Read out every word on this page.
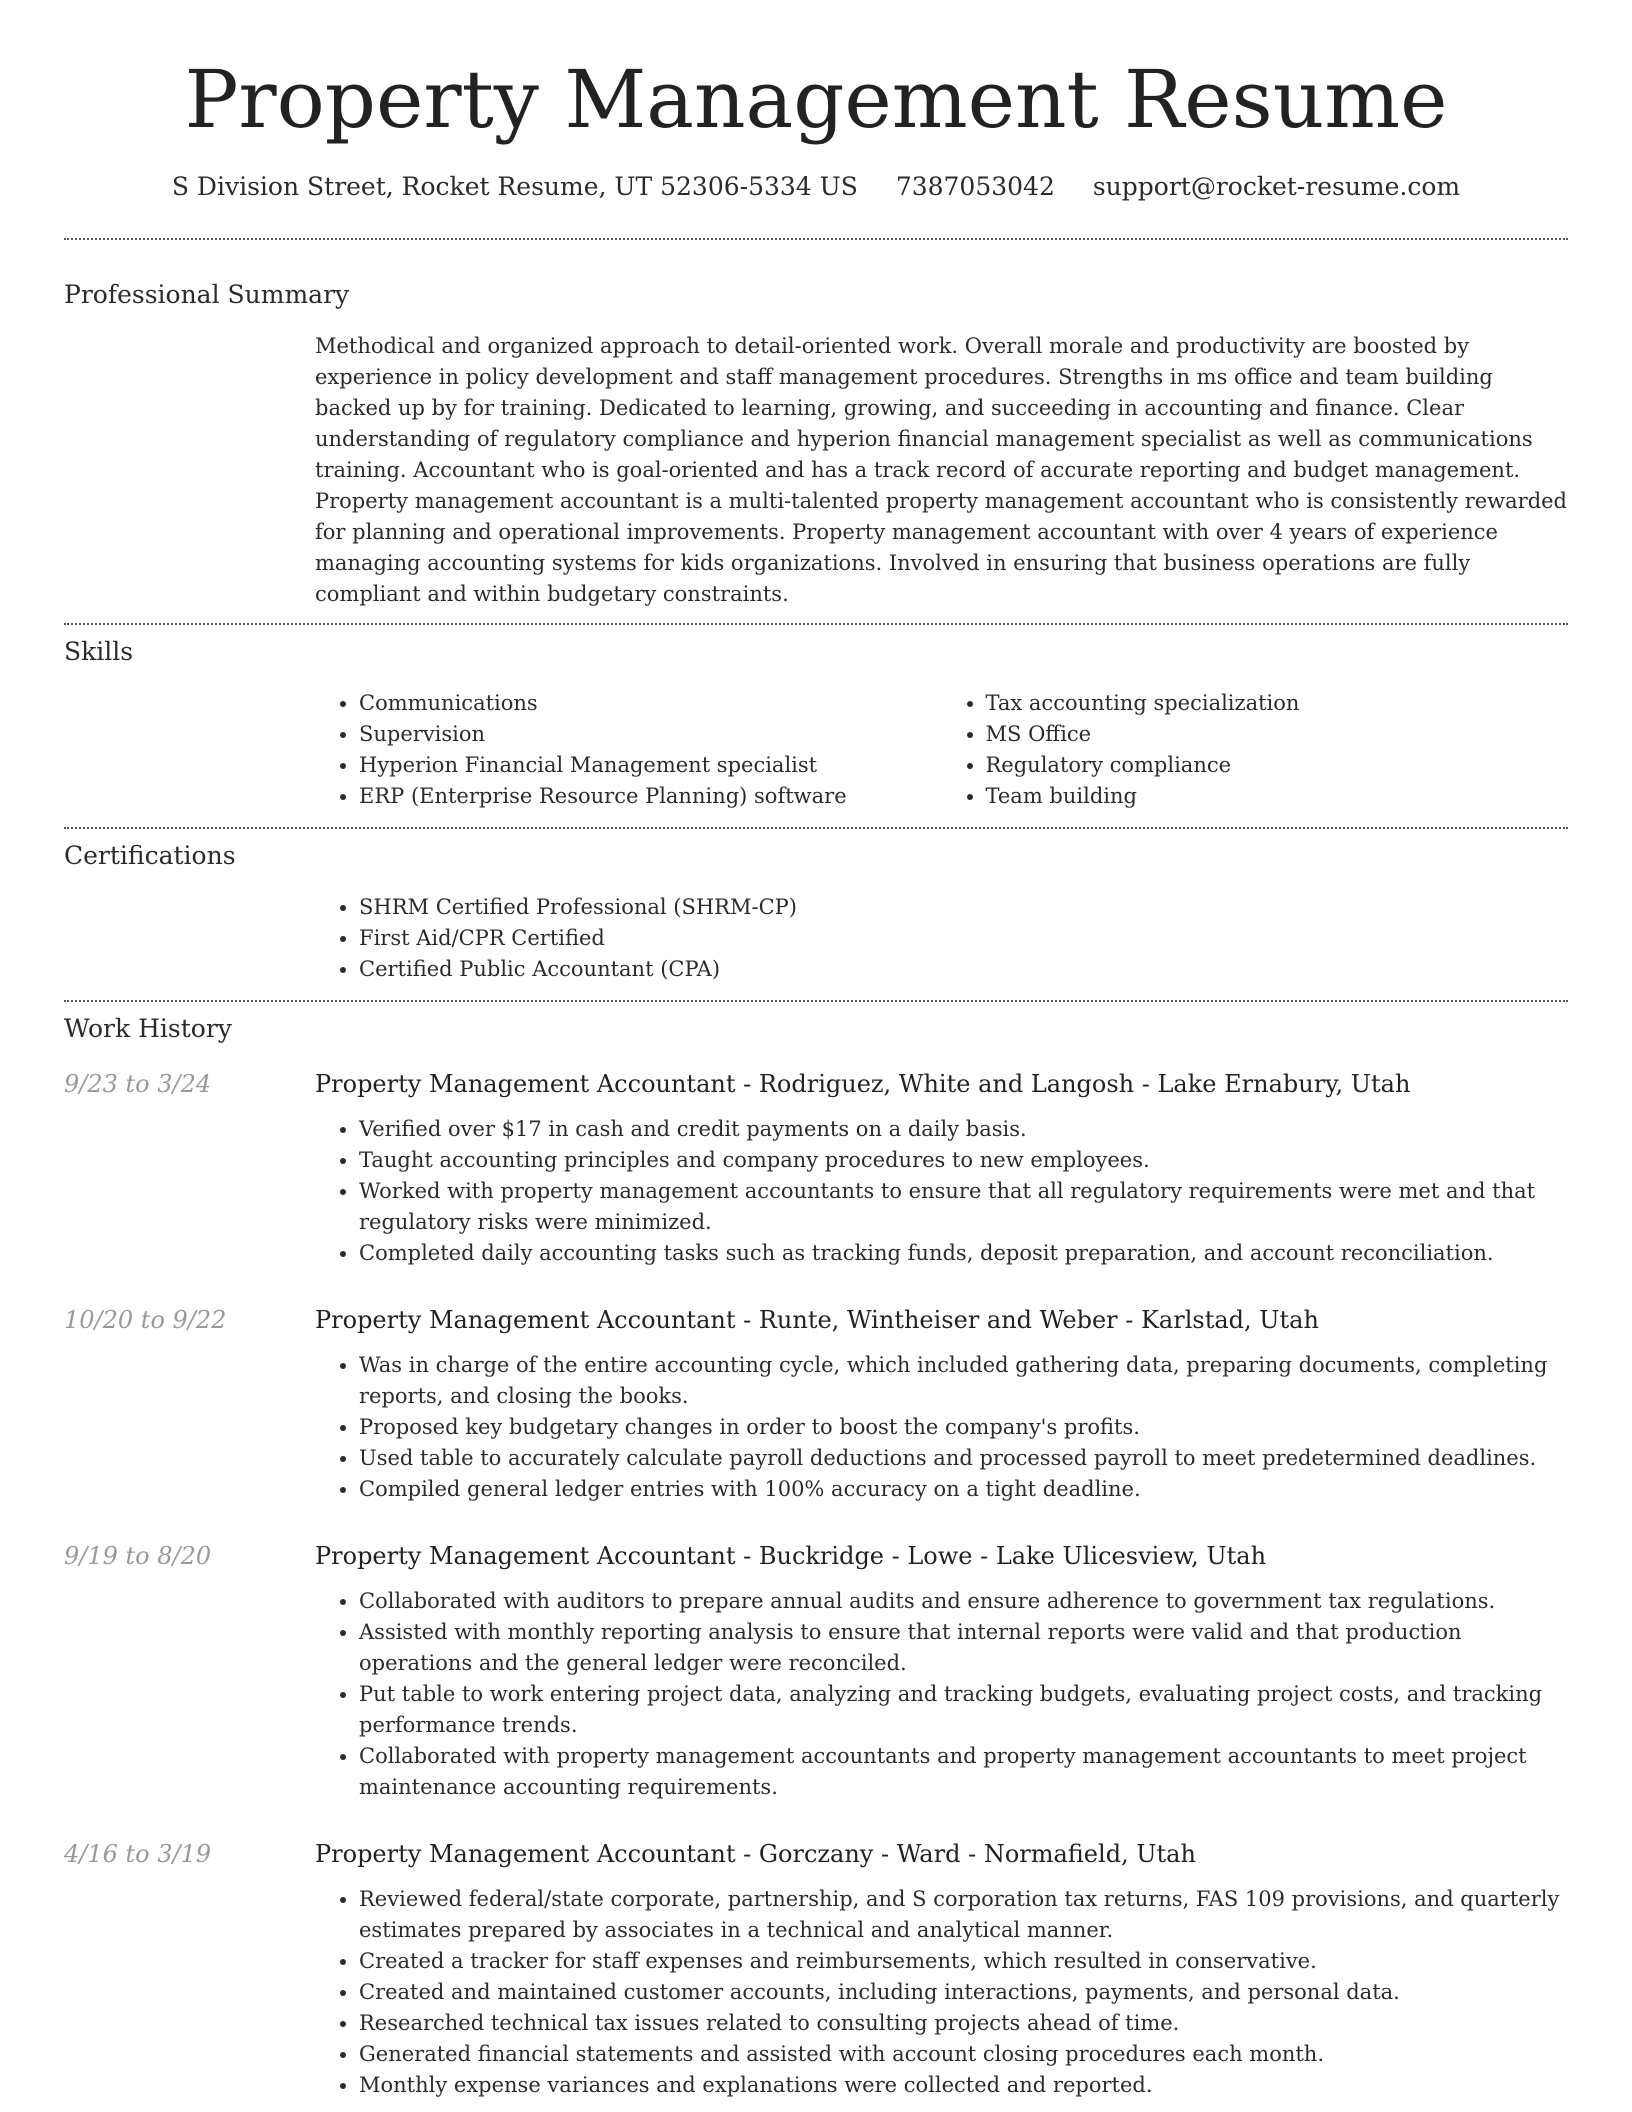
Property Management Resume
S Division Street, Rocket Resume, UT 52306-5334 US 7387053042 support@rocket-resume.com
Professional Summary
Methodical and organized approach to detail-oriented work. Overall morale and productivity are boosted by experience in policy development and staff management procedures. Strengths in ms office and team building backed up by for training. Dedicated to learning, growing, and succeeding in accounting and finance. Clear understanding of regulatory compliance and hyperion financial management specialist as well as communications training. Accountant who is goal-oriented and has a track record of accurate reporting and budget management. Property management accountant is a multi-talented property management accountant who is consistently rewarded for planning and operational improvements. Property management accountant with over 4 years of experience managing accounting systems for kids organizations. Involved in ensuring that business operations are fully compliant and within budgetary constraints.
Skills
• Communications
• Supervision
• Hyperion Financial Management specialist
• ERP (Enterprise Resource Planning) software
• Tax accounting specialization
• MS Office
• Regulatory compliance
• Team building
Certifications
• SHRM Certified Professional (SHRM-CP)
• First Aid/CPR Certified
• Certified Public Accountant (CPA)
Work History
9/23 to 3/24	Property Management Accountant - Rodriguez, White and Langosh - Lake Ernabury, Utah
• Verified over $17 in cash and credit payments on a daily basis.
• Taught accounting principles and company procedures to new employees.
• Worked with property management accountants to ensure that all regulatory requirements were met and that regulatory risks were minimized.
• Completed daily accounting tasks such as tracking funds, deposit preparation, and account reconciliation.
10/20 to 9/22	Property Management Accountant - Runte, Wintheiser and Weber - Karlstad, Utah
• Was in charge of the entire accounting cycle, which included gathering data, preparing documents, completing reports, and closing the books.
• Proposed key budgetary changes in order to boost the company's profits.
• Used table to accurately calculate payroll deductions and processed payroll to meet predetermined deadlines.
• Compiled general ledger entries with 100% accuracy on a tight deadline.
9/19 to 8/20	Property Management Accountant - Buckridge - Lowe - Lake Ulicesview, Utah
• Collaborated with auditors to prepare annual audits and ensure adherence to government tax regulations.
• Assisted with monthly reporting analysis to ensure that internal reports were valid and that production operations and the general ledger were reconciled.
• Put table to work entering project data, analyzing and tracking budgets, evaluating project costs, and tracking performance trends.
• Collaborated with property management accountants and property management accountants to meet project maintenance accounting requirements.
4/16 to 3/19	Property Management Accountant - Gorczany - Ward - Normafield, Utah
• Reviewed federal/state corporate, partnership, and S corporation tax returns, FAS 109 provisions, and quarterly estimates prepared by associates in a technical and analytical manner.
• Created a tracker for staff expenses and reimbursements, which resulted in conservative.
• Created and maintained customer accounts, including interactions, payments, and personal data.
• Researched technical tax issues related to consulting projects ahead of time.
• Generated financial statements and assisted with account closing procedures each month.
• Monthly expense variances and explanations were collected and reported.
